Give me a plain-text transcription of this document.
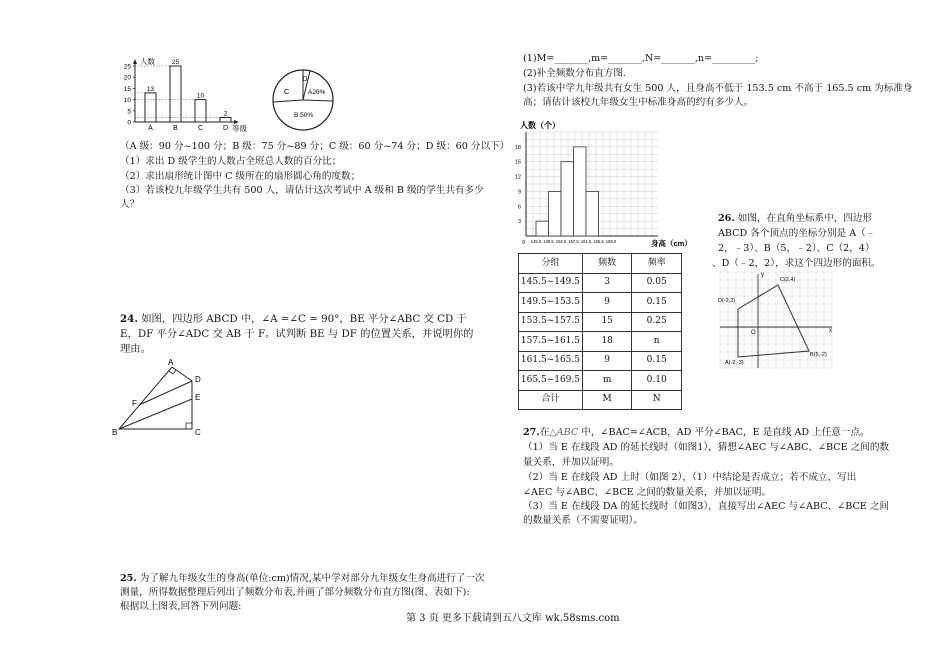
人数
等级
0
5
10
15
20
25
13
A
25
B
10
C
2
D
D
C	A26%
B 50%
（A 级：90 分~100 分；B 级：75 分~89 分；C 级：60 分~74 分；D 级：60 分以下）
（1）求出 D 级学生的人数占全班总人数的百分比；
（2）求出扇形统计图中 C 级所在的扇形圆心角的度数；
（3）若该校九年级学生共有 500 人，请估计这次考试中 A 级和 B 级的学生共有多少
人？
24. 如图，四边形 ABCD 中，∠A =∠C = 90°，BE 平分∠ABC 交 CD 于
E，DF 平分∠ADC 交 AB 于 F。试判断 BE 与 DF 的位置关系，并说明你的
理由。
A
B	C
D
E
F
25. 为了解九年级女生的身高(单位:cm)情况,某中学对部分九年级女生身高进行了一次
测量，所得数据整理后列出了频数分布表,并画了部分频数分布直方图(图、表如下):
根据以上图表,回答下列问题:
(1)M=_______,m=_______,N=_______,n=_________;
(2)补全频数分布直方图.
(3)若该中学九年级共有女生 500 人，且身高不低于 153.5 cm 不高于 165.5 cm 为标准身
高；请估计该校九年级女生中标准身高的约有多少人。
人数（个）
身高（cm）
0
3
6
9
12
15
18
145.5 149.5 153.5 157.5 161.5 165.5 169.5
分组	频数	频率
145.5~149.5	3	0.05
149.5~153.5	9	0.15
153.5~157.5	15	0.25
157.5~161.5	18	n
161.5~165.5	9	0.15
165.5~169.5	m	0.10
合计	M	N
26. 如图，在直角坐标系中，四边形
ABCD 各个顶点的坐标分别是 A（﹣
2，﹣3）、B（5，﹣2）、C（2，4）
、D（﹣2，2），求这个四边形的面积。
x
y
O
A(-2,-3)
B(5,-2)
C(2,4)
D(-2,2)
27.在△ABC 中，∠BAC=∠ACB，AD 平分∠BAC，E 是直线 AD 上任意一点。
（1）当 E 在线段 AD 的延长线时（如图1），猜想∠AEC 与∠ABC、∠BCE 之间的数
量关系，并加以证明。
（2）当 E 在线段 AD 上时（如图 2），（1）中结论是否成立；若不成立，写出
∠AEC 与∠ABC、∠BCE 之间的数量关系，并加以证明。
（3）当 E 在线段 DA 的延长线时（如图3），直接写出∠AEC 与∠ABC、∠BCE 之间
的数量关系（不需要证明）。
第 3 页 更多下载请到五八文库 wk.58sms.com
